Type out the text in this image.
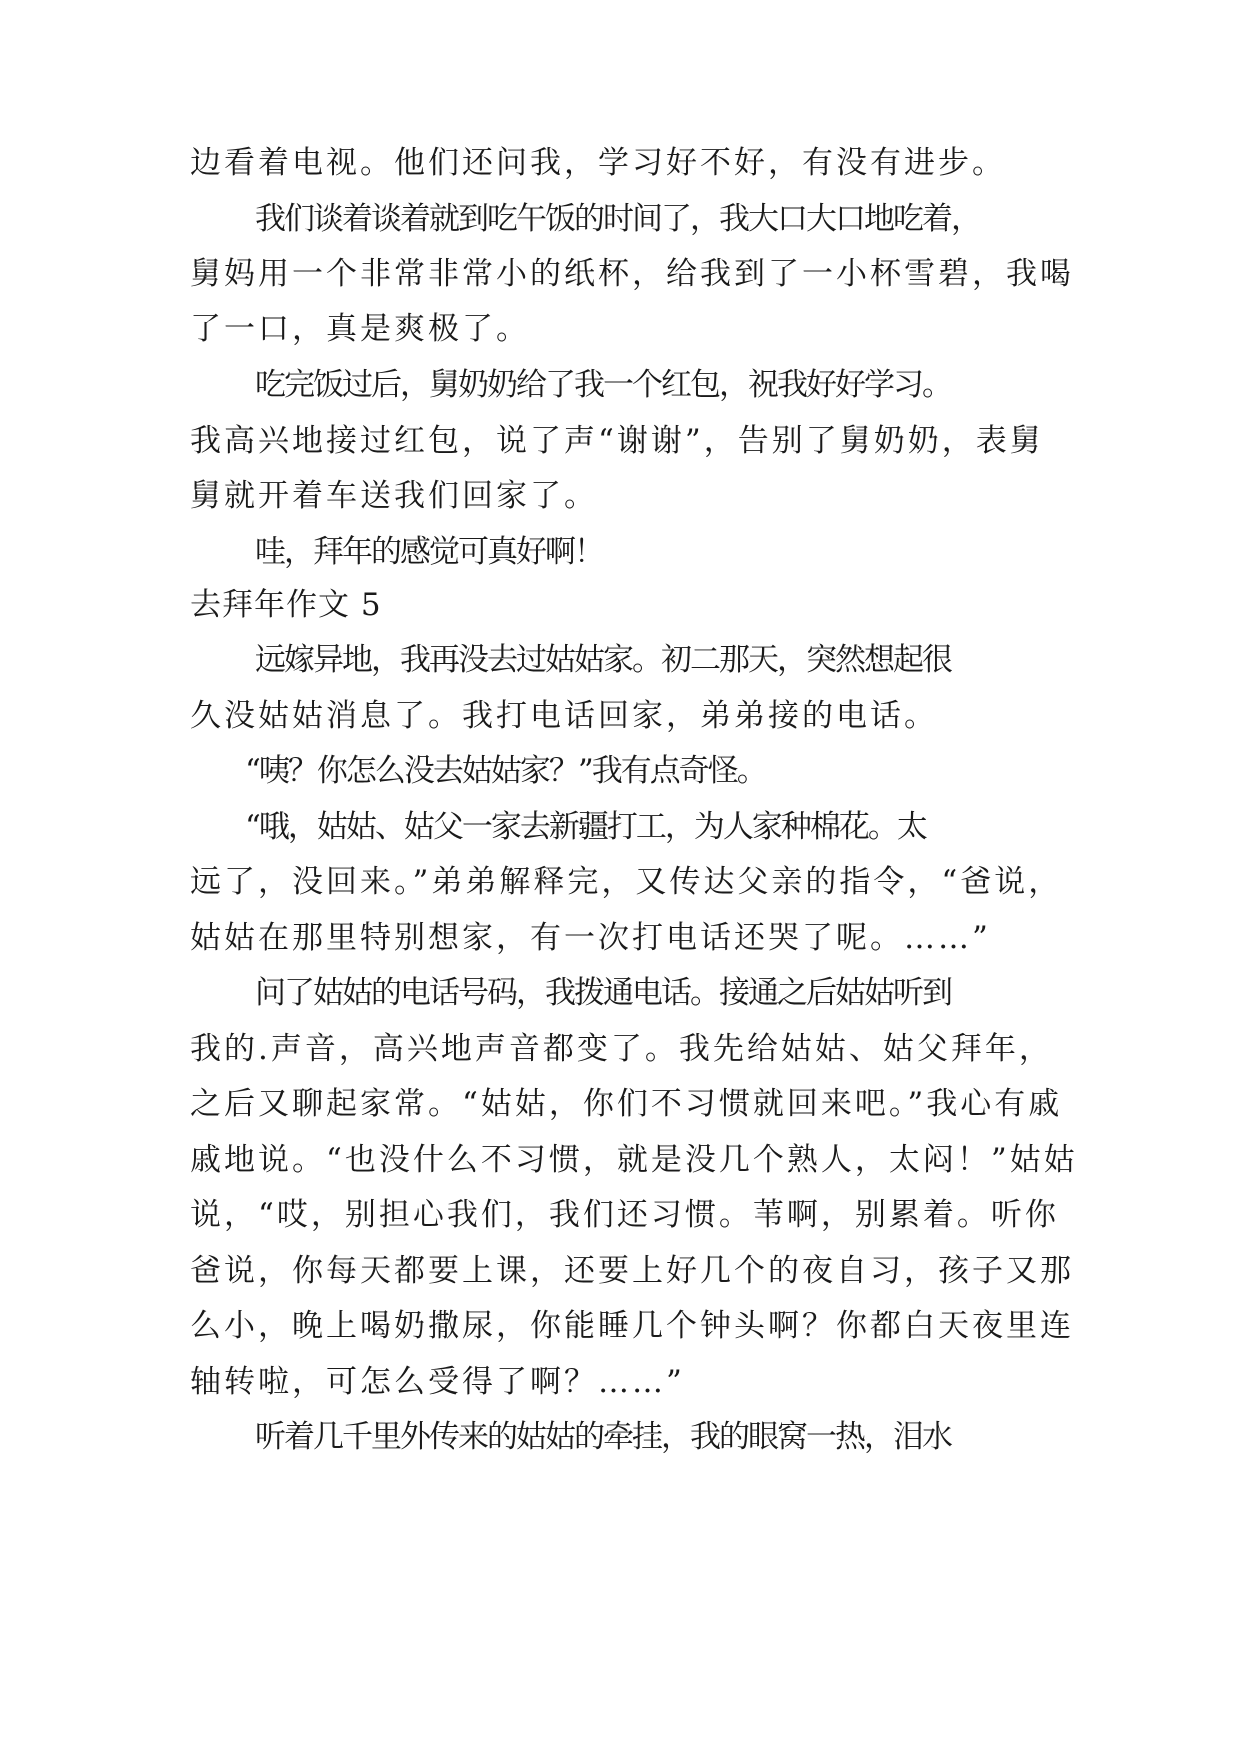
边看着电视。他们还问我，学习好不好，有没有进步。
我们谈着谈着就到吃午饭的时间了，我大口大口地吃着，
舅妈用一个非常非常小的纸杯，给我到了一小杯雪碧，我喝
了一口，真是爽极了。
吃完饭过后，舅奶奶给了我一个红包，祝我好好学习。
我高兴地接过红包，说了声“谢谢”，告别了舅奶奶，表舅
舅就开着车送我们回家了。
哇，拜年的感觉可真好啊！
去拜年作文 5
远嫁异地，我再没去过姑姑家。初二那天，突然想起很
久没姑姑消息了。我打电话回家，弟弟接的电话。
“咦？你怎么没去姑姑家？”我有点奇怪。
“哦，姑姑、姑父一家去新疆打工，为人家种棉花。太
远了，没回来。”弟弟解释完，又传达父亲的指令，“爸说，
姑姑在那里特别想家，有一次打电话还哭了呢。……”
问了姑姑的电话号码，我拨通电话。接通之后姑姑听到
我的.声音，高兴地声音都变了。我先给姑姑、姑父拜年，
之后又聊起家常。“姑姑，你们不习惯就回来吧。”我心有戚
戚地说。“也没什么不习惯，就是没几个熟人，太闷！”姑姑
说，“哎，别担心我们，我们还习惯。苇啊，别累着。听你
爸说，你每天都要上课，还要上好几个的夜自习，孩子又那
么小，晚上喝奶撒尿，你能睡几个钟头啊？你都白天夜里连
轴转啦，可怎么受得了啊？……”
听着几千里外传来的姑姑的牵挂，我的眼窝一热，泪水
